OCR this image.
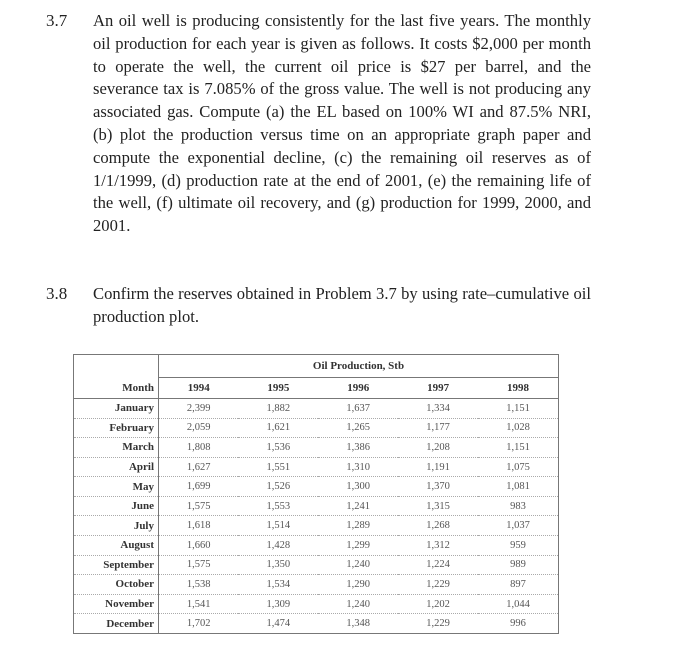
3.7 An oil well is producing consistently for the last five years. The monthly oil production for each year is given as follows. It costs $2,000 per month to operate the well, the current oil price is $27 per barrel, and the severance tax is 7.085% of the gross value. The well is not producing any associated gas. Compute (a) the EL based on 100% WI and 87.5% NRI, (b) plot the production versus time on an appropriate graph paper and compute the exponential decline, (c) the remaining oil reserves as of 1/1/1999, (d) production rate at the end of 2001, (e) the remaining life of the well, (f) ultimate oil recovery, and (g) production for 1999, 2000, and 2001.
3.8 Confirm the reserves obtained in Problem 3.7 by using rate–cumulative oil production plot.
	Oil Production, Stb				
Month	1994	1995	1996	1997	1998
January	2,399	1,882	1,637	1,334	1,151
February	2,059	1,621	1,265	1,177	1,028
March	1,808	1,536	1,386	1,208	1,151
April	1,627	1,551	1,310	1,191	1,075
May	1,699	1,526	1,300	1,370	1,081
June	1,575	1,553	1,241	1,315	983
July	1,618	1,514	1,289	1,268	1,037
August	1,660	1,428	1,299	1,312	959
September	1,575	1,350	1,240	1,224	989
October	1,538	1,534	1,290	1,229	897
November	1,541	1,309	1,240	1,202	1,044
December	1,702	1,474	1,348	1,229	996
